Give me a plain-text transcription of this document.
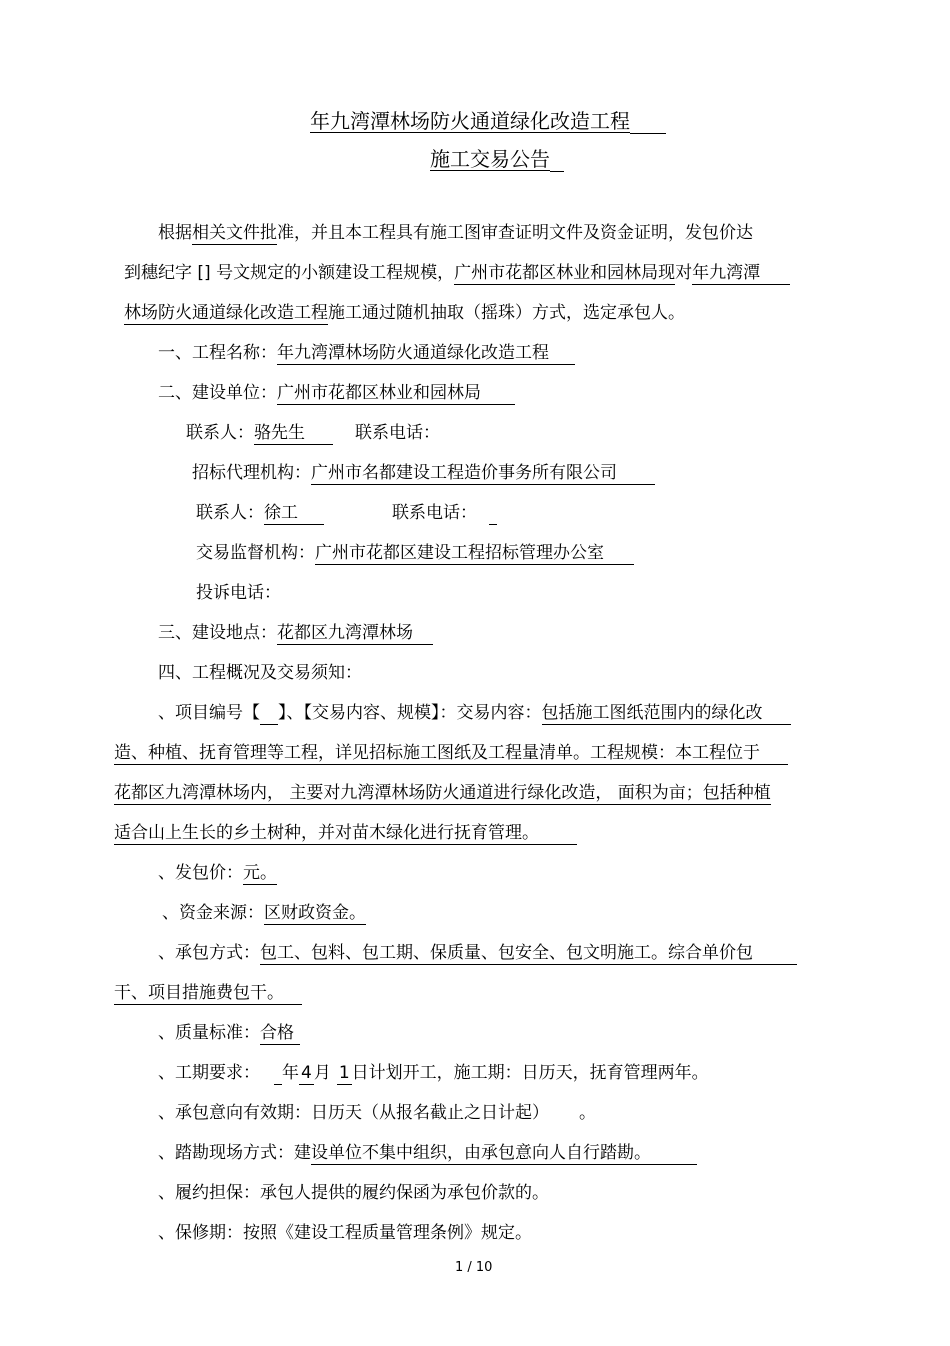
年九湾潭林场防火通道绿化改造工程
施工交易公告
根据相关文件批准，并且本工程具有施工图审查证明文件及资金证明，发包价达
到穗纪字 [] 号文规定的小额建设工程规模，广州市花都区林业和园林局现对年九湾潭
林场防火通道绿化改造工程施工通过随机抽取（摇珠）方式，选定承包人。
一、工程名称：年九湾潭林场防火通道绿化改造工程
二、建设单位：广州市花都区林业和园林局
联系人：骆先生	联系电话：
招标代理机构：广州市名都建设工程造价事务所有限公司
联系人：徐工	联系电话：
交易监督机构：广州市花都区建设工程招标管理办公室
投诉电话：
三、建设地点：花都区九湾潭林场
四、工程概况及交易须知：
、项目编号【 】、【交易内容、规模】：交易内容：包括施工图纸范围内的绿化改
造、种植、抚育管理等工程，详见招标施工图纸及工程量清单。工程规模：本工程位于
花都区九湾潭林场内， 主要对九湾潭林场防火通道进行绿化改造， 面积为亩；包括种植
适合山上生长的乡土树种，并对苗木绿化进行抚育管理。
、发包价：元。
、资金来源：区财政资金。
、承包方式：包工、包料、包工期、保质量、包安全、包文明施工。综合单价包
干、项目措施费包干。
、质量标准：合格
、工期要求： 年 4 月 1 日计划开工，施工期：日历天，抚育管理两年。
、承包意向有效期：日历天（从报名截止之日计起） 。
、踏勘现场方式：建设单位不集中组织，由承包意向人自行踏勘。
、履约担保：承包人提供的履约保函为承包价款的。
、保修期：按照《建设工程质量管理条例》规定。
1 / 10
